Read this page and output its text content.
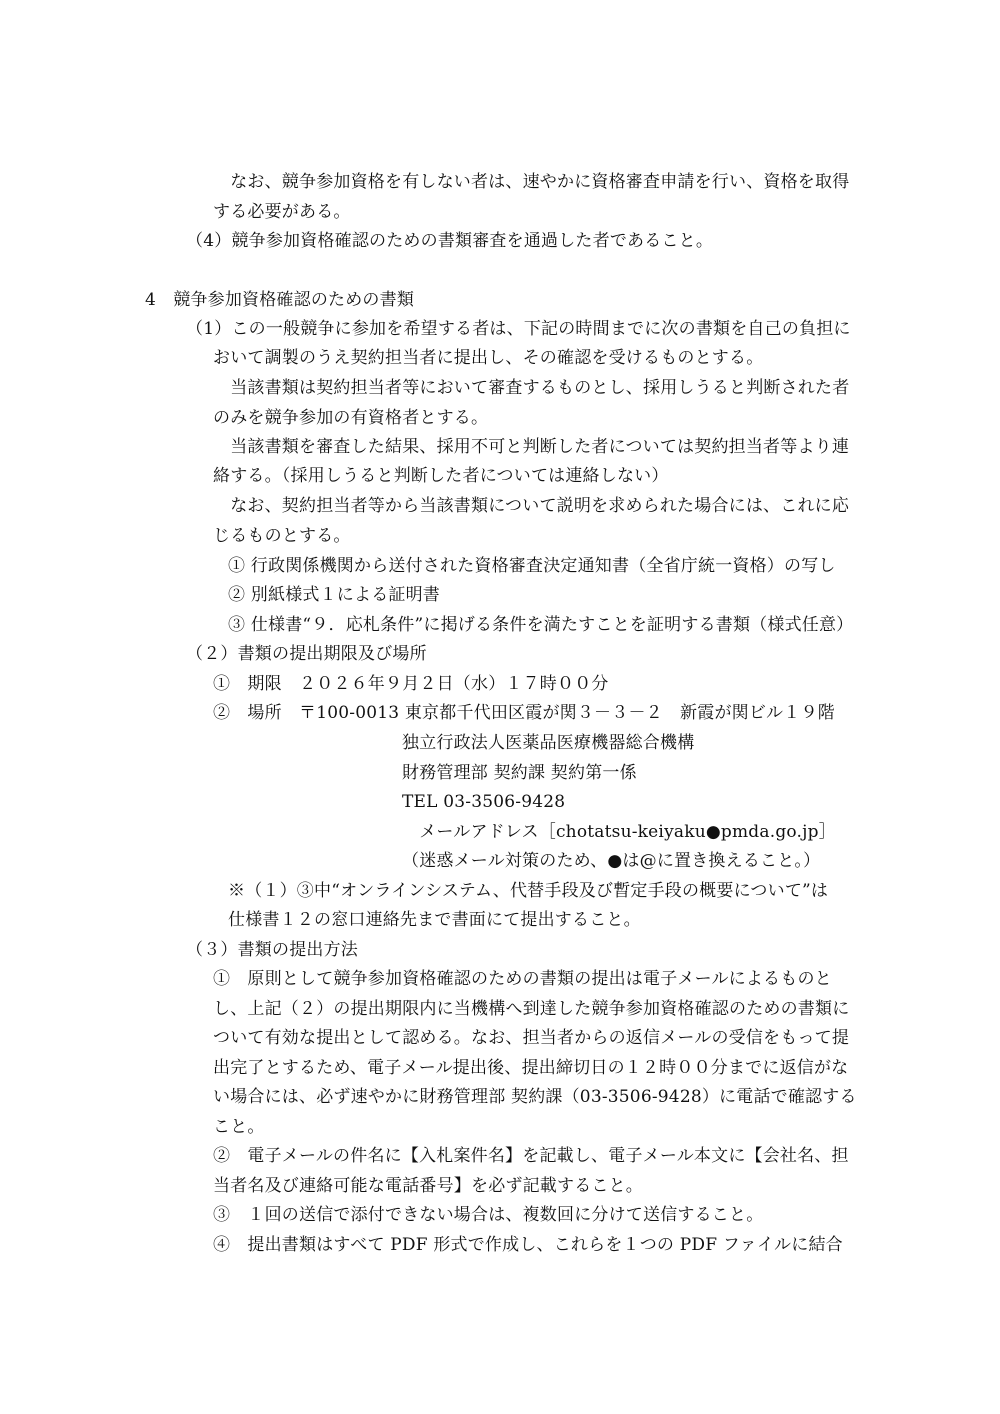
　なお、競争参加資格を有しない者は、速やかに資格審査申請を行い、資格を取得
する必要がある。
（4）競争参加資格確認のための書類審査を通過した者であること。
4　競争参加資格確認のための書類
（1）この一般競争に参加を希望する者は、下記の時間までに次の書類を自己の負担に
おいて調製のうえ契約担当者に提出し、その確認を受けるものとする。
　当該書類は契約担当者等において審査するものとし、採用しうると判断された者
のみを競争参加の有資格者とする。
　当該書類を審査した結果、採用不可と判断した者については契約担当者等より連
絡する。（採用しうると判断した者については連絡しない）
　なお、契約担当者等から当該書類について説明を求められた場合には、これに応
じるものとする。
① 行政関係機関から送付された資格審査決定通知書（全省庁統一資格）の写し
② 別紙様式１による証明書
③ 仕様書“９．応札条件”に掲げる条件を満たすことを証明する書類（様式任意）
（２）書類の提出期限及び場所
①　期限　２０２６年９月２日（水）１７時００分
②　場所　〒100-0013 東京都千代田区霞が関３－３－２　新霞が関ビル１９階
独立行政法人医薬品医療機器総合機構
財務管理部 契約課 契約第一係
TEL 03-3506-9428
　メールアドレス［chotatsu-keiyaku●pmda.go.jp］
（迷惑メール対策のため、●は@に置き換えること。）
※（１）③中“オンラインシステム、代替手段及び暫定手段の概要について”は
仕様書１２の窓口連絡先まで書面にて提出すること。
（３）書類の提出方法
①　原則として競争参加資格確認のための書類の提出は電子メールによるものと
し、上記（２）の提出期限内に当機構へ到達した競争参加資格確認のための書類に
ついて有効な提出として認める。なお、担当者からの返信メールの受信をもって提
出完了とするため、電子メール提出後、提出締切日の１２時００分までに返信がな
い場合には、必ず速やかに財務管理部 契約課（03-3506-9428）に電話で確認する
こと。
②　電子メールの件名に【入札案件名】を記載し、電子メール本文に【会社名、担
当者名及び連絡可能な電話番号】を必ず記載すること。
③　１回の送信で添付できない場合は、複数回に分けて送信すること。
④　提出書類はすべて PDF 形式で作成し、これらを１つの PDF ファイルに結合
